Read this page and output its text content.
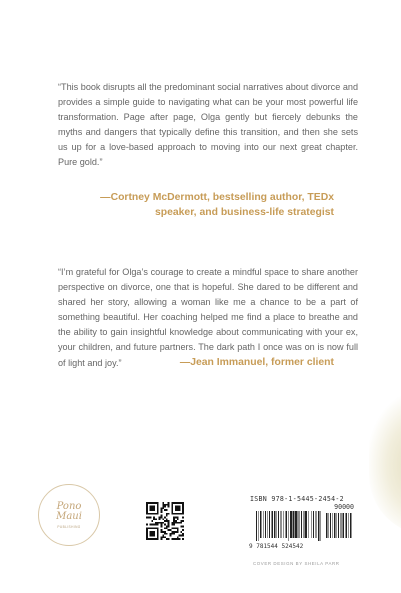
“This book disrupts all the predominant social narratives about divorce and provides a simple guide to navigating what can be your most powerful life transformation. Page after page, Olga gently but fiercely debunks the myths and dangers that typically define this transition, and then she sets us up for a love-based approach to moving into our next great chapter. Pure gold.”

—Cortney McDermott, bestselling author, TEDx
speaker, and business-life strategist

“I’m grateful for Olga’s courage to create a mindful space to share another perspective on divorce, one that is hopeful. She dared to be different and shared her story, allowing a woman like me a chance to be a part of something beautiful. Her coaching helped me find a place to breathe and the ability to gain insightful knowledge about communicating with your ex, your children, and future partners. The dark path I once was on is now full of light and joy.”	—Jean Immanuel, former client
Pono
Maui
PUBLISHING
ISBN 978-1-5445-2454-2
90000
9 781544 524542
COVER DESIGN BY SHEILA PARR
